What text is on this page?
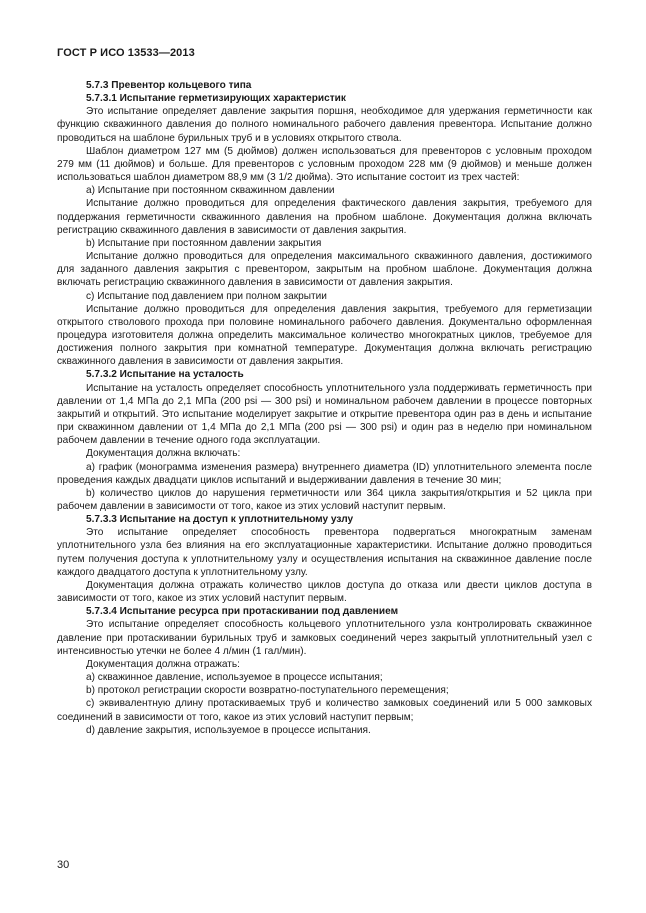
ГОСТ Р ИСО 13533—2013

5.7.3 Превентор кольцевого типа

5.7.3.1 Испытание герметизирующих характеристик

Это испытание определяет давление закрытия поршня, необходимое для удержания герметичности как функцию скважинного давления до полного номинального рабочего давления превентора. Испытание должно проводиться на шаблоне бурильных труб и в условиях открытого ствола.

Шаблон диаметром 127 мм (5 дюймов) должен использоваться для превенторов с условным проходом 279 мм (11 дюймов) и больше. Для превенторов с условным проходом 228 мм (9 дюймов) и меньше должен использоваться шаблон диаметром 88,9 мм (3 1/2 дюйма). Это испытание состоит из трех частей:

а) Испытание при постоянном скважинном давлении

Испытание должно проводиться для определения фактического давления закрытия, требуемого для поддержания герметичности скважинного давления на пробном шаблоне. Документация должна включать регистрацию скважинного давления в зависимости от давления закрытия.

b) Испытание при постоянном давлении закрытия

Испытание должно проводиться для определения максимального скважинного давления, достижимого для заданного давления закрытия с превентором, закрытым на пробном шаблоне. Документация должна включать регистрацию скважинного давления в зависимости от давления закрытия.

с) Испытание под давлением при полном закрытии

Испытание должно проводиться для определения давления закрытия, требуемого для герметизации открытого стволового прохода при половине номинального рабочего давления. Документально оформленная процедура изготовителя должна определить максимальное количество многократных циклов, требуемое для достижения полного закрытия при комнатной температуре. Документация должна включать регистрацию скважинного давления в зависимости от давления закрытия.

5.7.3.2 Испытание на усталость

Испытание на усталость определяет способность уплотнительного узла поддерживать герметичность при давлении от 1,4 МПа до 2,1 МПа (200 psi — 300 psi) и номинальном рабочем давлении в процессе повторных закрытий и открытий. Это испытание моделирует закрытие и открытие превентора один раз в день и испытание при скважинном давлении от 1,4 МПа до 2,1 МПа (200 psi — 300 psi) и один раз в неделю при номинальном рабочем давлении в течение одного года эксплуатации.

Документация должна включать:

а) график (монограмма изменения размера) внутреннего диаметра (ID) уплотнительного элемента после проведения каждых двадцати циклов испытаний и выдерживании давления в течение 30 мин;

b) количество циклов до нарушения герметичности или 364 цикла закрытия/открытия и 52 цикла при рабочем давлении в зависимости от того, какое из этих условий наступит первым.

5.7.3.3 Испытание на доступ к уплотнительному узлу

Это испытание определяет способность превентора подвергаться многократным заменам уплотнительного узла без влияния на его эксплуатационные характеристики. Испытание должно проводиться путем получения доступа к уплотнительному узлу и осуществления испытания на скважинное давление после каждого двадцатого доступа к уплотнительному узлу.

Документация должна отражать количество циклов доступа до отказа или двести циклов доступа в зависимости от того, какое из этих условий наступит первым.

5.7.3.4 Испытание ресурса при протаскивании под давлением

Это испытание определяет способность кольцевого уплотнительного узла контролировать скважинное давление при протаскивании бурильных труб и замковых соединений через закрытый уплотнительный узел с интенсивностью утечки не более 4 л/мин (1 гал/мин).

Документация должна отражать:

а) скважинное давление, используемое в процессе испытания;

b) протокол регистрации скорости возвратно-поступательного перемещения;

с) эквивалентную длину протаскиваемых труб и количество замковых соединений или 5 000 замковых соединений в зависимости от того, какое из этих условий наступит первым;

d) давление закрытия, используемое в процессе испытания.

30
